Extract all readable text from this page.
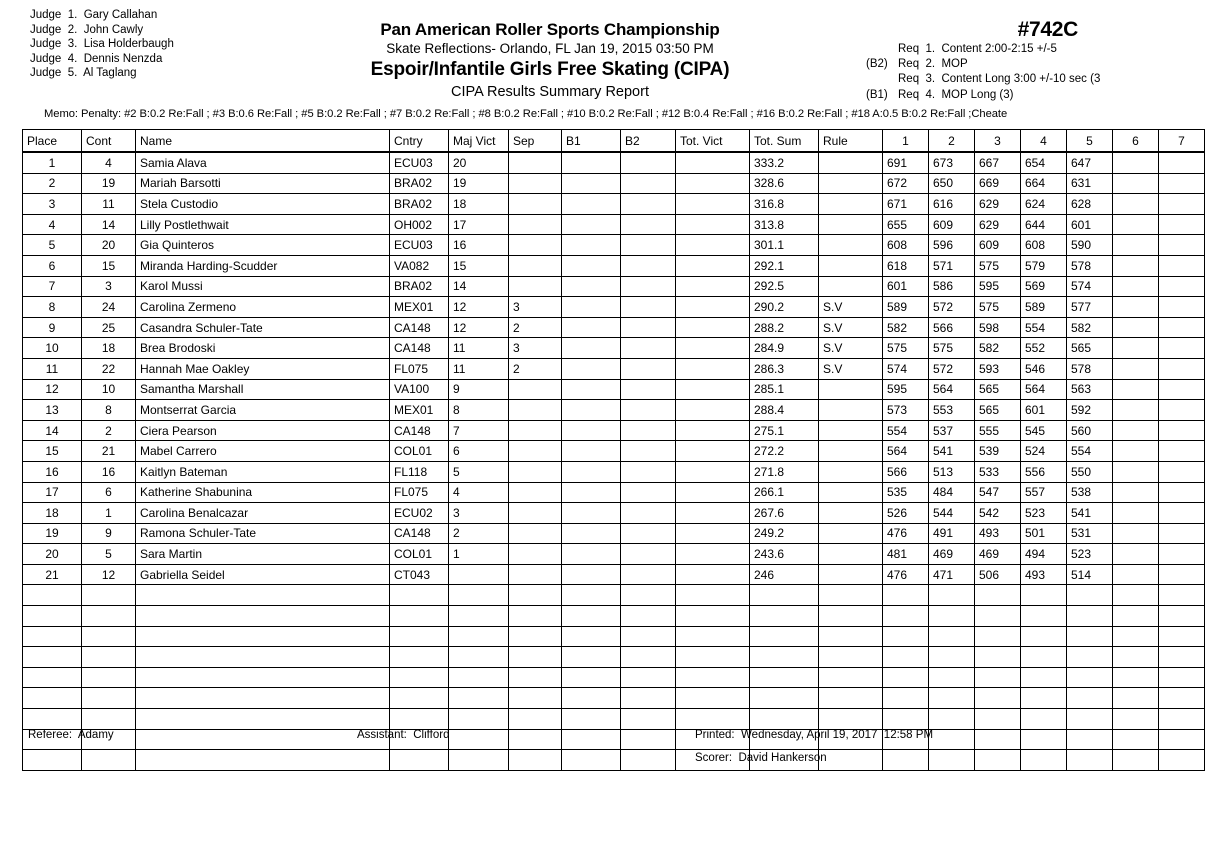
Judge  1.  Gary Callahan
Judge  2.  John Cawly
Judge  3.  Lisa Holderbaugh
Judge  4.  Dennis Nenzda
Judge  5.  Al Taglang
Pan American Roller Sports Championship
Skate Reflections- Orlando, FL Jan 19, 2015 03:50 PM
Espoir/Infantile Girls Free Skating (CIPA)
CIPA Results Summary Report
#742C
Req  1.  Content 2:00-2:15 +/-5
(B2) Req  2.  MOP
Req  3.  Content Long 3:00 +/-10 sec (3
(B1) Req  4.  MOP Long (3)
Memo: Penalty: #2 B:0.2 Re:Fall ; #3 B:0.6 Re:Fall ; #5 B:0.2 Re:Fall ; #7 B:0.2 Re:Fall ; #8 B:0.2 Re:Fall ; #10 B:0.2 Re:Fall ; #12 B:0.4 Re:Fall ; #16 B:0.2 Re:Fall ; #18 A:0.5 B:0.2 Re:Fall ;Cheate
Place	Cont	Name	Cntry	Maj Vict	Sep	B1	B2	Tot. Vict	Tot. Sum	Rule	1	2	3	4	5	6	7
1	4	Samia Alava	ECU03	20					333.2		691	673	667	654	647		
2	19	Mariah Barsotti	BRA02	19					328.6		672	650	669	664	631		
3	11	Stela Custodio	BRA02	18					316.8		671	616	629	624	628		
4	14	Lilly Postlethwait	OH002	17					313.8		655	609	629	644	601		
5	20	Gia Quinteros	ECU03	16					301.1		608	596	609	608	590		
6	15	Miranda Harding-Scudder	VA082	15					292.1		618	571	575	579	578		
7	3	Karol Mussi	BRA02	14					292.5		601	586	595	569	574		
8	24	Carolina Zermeno	MEX01	12	3				290.2	S.V	589	572	575	589	577		
9	25	Casandra Schuler-Tate	CA148	12	2				288.2	S.V	582	566	598	554	582		
10	18	Brea Brodoski	CA148	11	3				284.9	S.V	575	575	582	552	565		
11	22	Hannah Mae Oakley	FL075	11	2				286.3	S.V	574	572	593	546	578		
12	10	Samantha Marshall	VA100	9					285.1		595	564	565	564	563		
13	8	Montserrat Garcia	MEX01	8					288.4		573	553	565	601	592		
14	2	Ciera Pearson	CA148	7					275.1		554	537	555	545	560		
15	21	Mabel Carrero	COL01	6					272.2		564	541	539	524	554		
16	16	Kaitlyn Bateman	FL118	5					271.8		566	513	533	556	550		
17	6	Katherine Shabunina	FL075	4					266.1		535	484	547	557	538		
18	1	Carolina Benalcazar	ECU02	3					267.6		526	544	542	523	541		
19	9	Ramona Schuler-Tate	CA148	2					249.2		476	491	493	501	531		
20	5	Sara Martin	COL01	1					243.6		481	469	469	494	523		
21	12	Gabriella Seidel	CT043						246		476	471	506	493	514		

Referee:  Adamy	Assistant:  Clifford	Printed:  Wednesday, April 19, 2017  12:58 PM
Scorer:  David Hankerson
